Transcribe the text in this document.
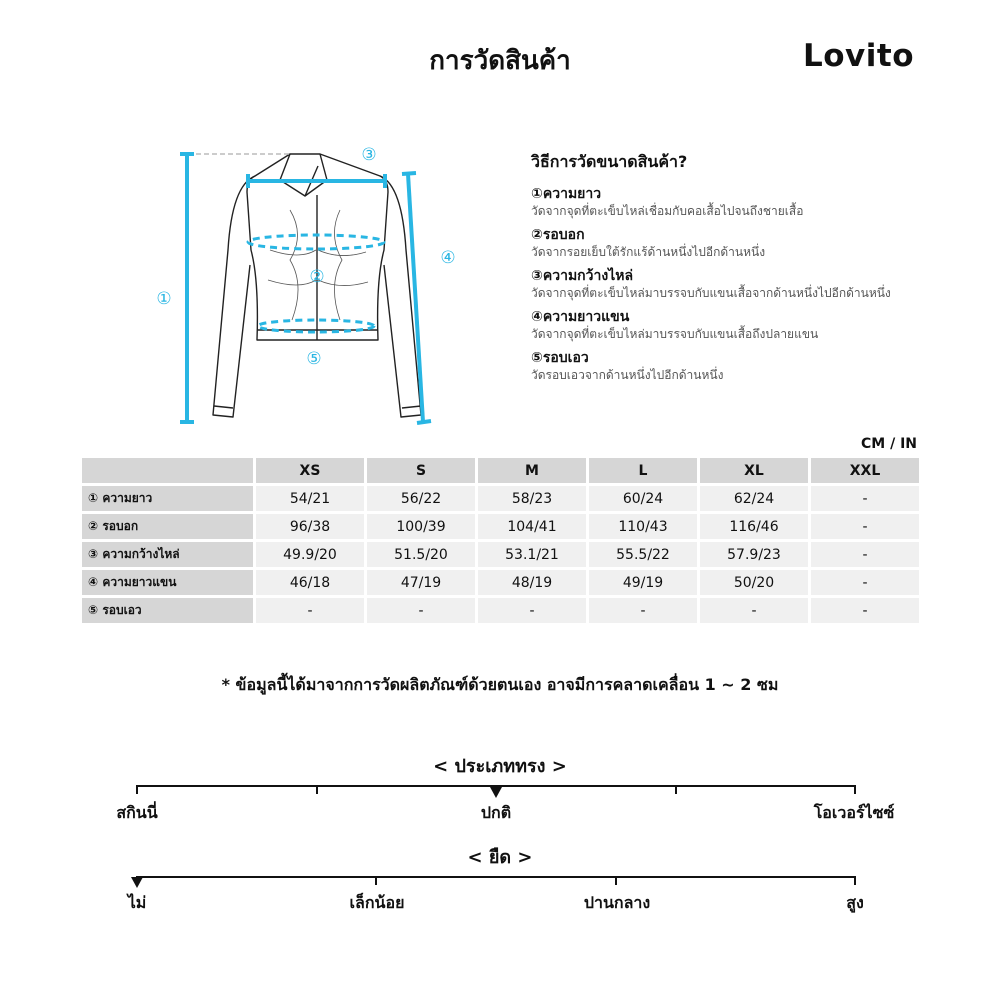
การวัดสินค้า	Lovito
①
②
③
④
⑤
วิธีการวัดขนาดสินค้า?
①ความยาว
วัดจากจุดที่ตะเข็บไหล่เชื่อมกับคอเสื้อไปจนถึงชายเสื้อ
②รอบอก
วัดจากรอยเย็บใต้รักแร้ด้านหนึ่งไปอีกด้านหนึ่ง
③ความกว้างไหล่
วัดจากจุดที่ตะเข็บไหล่มาบรรจบกับแขนเสื้อจากด้านหนึ่งไปอีกด้านหนึ่ง
④ความยาวแขน
วัดจากจุดที่ตะเข็บไหล่มาบรรจบกับแขนเสื้อถึงปลายแขน
⑤รอบเอว
วัดรอบเอวจากด้านหนึ่งไปอีกด้านหนึ่ง
CM / IN
	XS	S	M	L	XL	XXL
① ความยาว	54/21	56/22	58/23	60/24	62/24	-
② รอบอก	96/38	100/39	104/41	110/43	116/46	-
③ ความกว้างไหล่	49.9/20	51.5/20	53.1/21	55.5/22	57.9/23	-
④ ความยาวแขน	46/18	47/19	48/19	49/19	50/20	-
⑤ รอบเอว	-	-	-	-	-	-
* ข้อมูลนี้ได้มาจากการวัดผลิตภัณฑ์ด้วยตนเอง อาจมีการคลาดเคลื่อน 1 ~ 2 ซม
< ประเภททรง >
สกินนี่	ปกติ	โอเวอร์ไซซ์
< ยืด >
ไม่	เล็กน้อย	ปานกลาง	สูง
